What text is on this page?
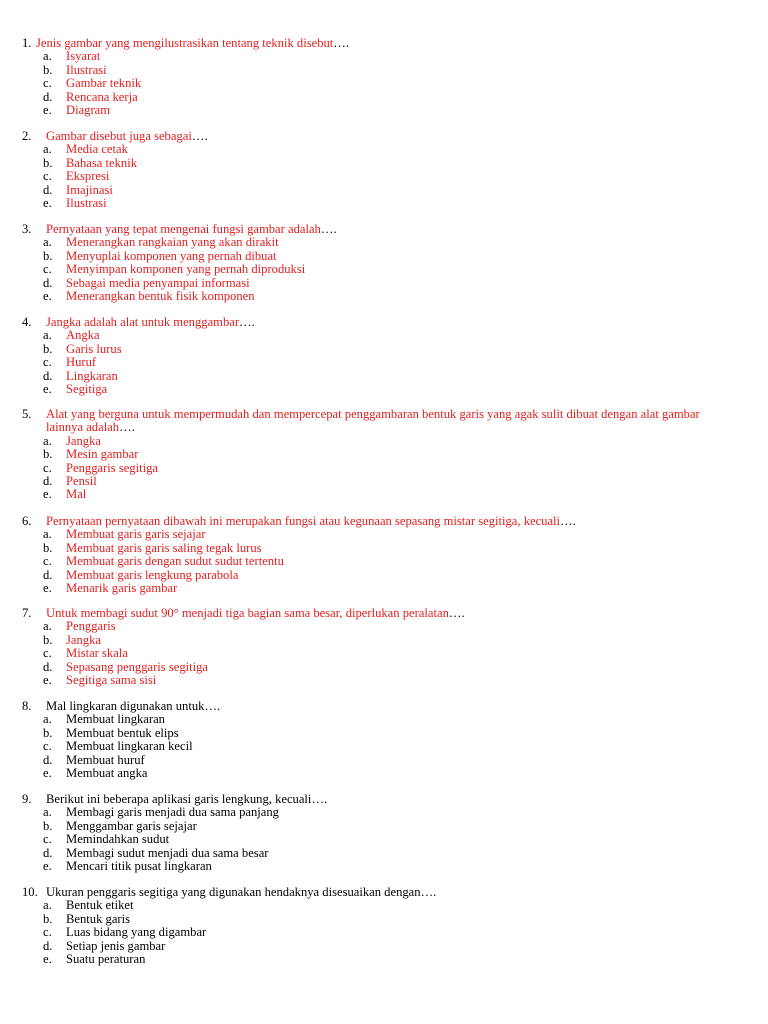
1. Jenis gambar yang mengilustrasikan tentang teknik disebut….
a.	Isyarat
b.	Ilustrasi
c.	Gambar teknik
d.	Rencana kerja
e.	Diagram
2.	Gambar disebut juga sebagai….
a.	Media cetak
b.	Bahasa teknik
c.	Ekspresi
d.	Imajinasi
e.	Ilustrasi
3.	Pernyataan yang tepat mengenai fungsi gambar adalah….
a.	Menerangkan rangkaian yang akan dirakit
b.	Menyuplai komponen yang pernah dibuat
c.	Menyimpan komponen yang pernah diproduksi
d.	Sebagai media penyampai informasi
e.	Menerangkan bentuk fisik komponen
4.	Jangka adalah alat untuk menggambar….
a.	Angka
b.	Garis lurus
c.	Huruf
d.	Lingkaran
e.	Segitiga
5.	Alat yang berguna untuk mempermudah dan mempercepat penggambaran bentuk garis yang agak sulit dibuat dengan alat gambar lainnya adalah….
a.	Jangka
b.	Mesin gambar
c.	Penggaris segitiga
d.	Pensil
e.	Mal
6.	Pernyataan pernyataan dibawah ini merupakan fungsi atau kegunaan sepasang mistar segitiga, kecuali….
a.	Membuat garis garis sejajar
b.	Membuat garis garis saling tegak lurus
c.	Membuat garis dengan sudut sudut tertentu
d.	Membuat garis lengkung parabola
e.	Menarik garis gambar
7.	Untuk membagi sudut 90° menjadi tiga bagian sama besar, diperlukan peralatan….
a.	Penggaris
b.	Jangka
c.	Mistar skala
d.	Sepasang penggaris segitiga
e.	Segitiga sama sisi
8.	Mal lingkaran digunakan untuk….
a.	Membuat lingkaran
b.	Membuat bentuk elips
c.	Membuat lingkaran kecil
d.	Membuat huruf
e.	Membuat angka
9.	Berikut ini beberapa aplikasi garis lengkung, kecuali….
a.	Membagi garis menjadi dua sama panjang
b.	Menggambar garis sejajar
c.	Memindahkan sudut
d.	Membagi sudut menjadi dua sama besar
e.	Mencari titik pusat lingkaran
10. Ukuran penggaris segitiga yang digunakan hendaknya disesuaikan dengan….
a.	Bentuk etiket
b.	Bentuk garis
c.	Luas bidang yang digambar
d.	Setiap jenis gambar
e.	Suatu peraturan
